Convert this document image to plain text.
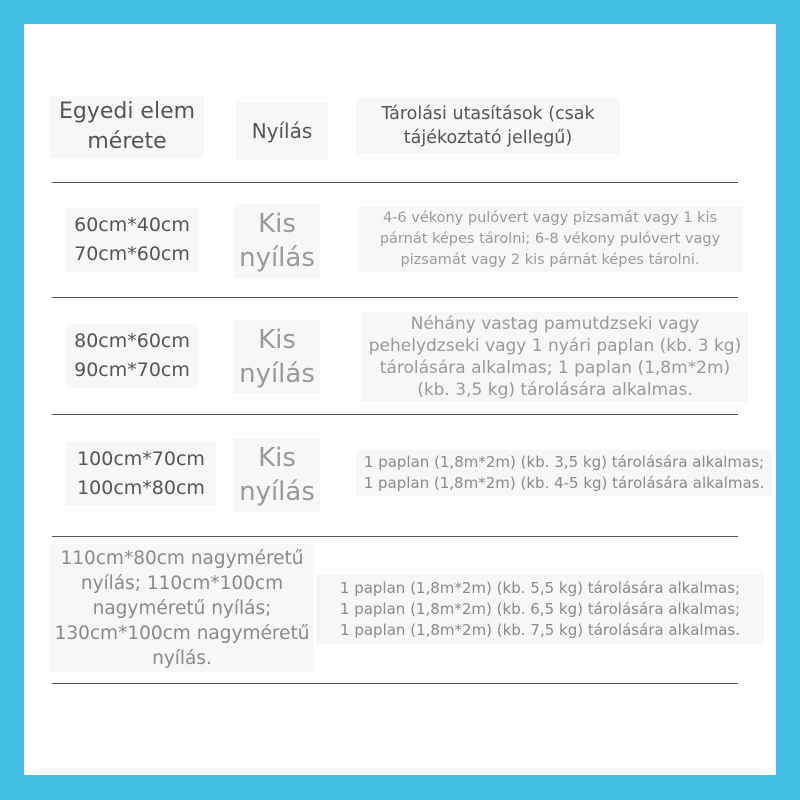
Egyedi elem mérete	Nyílás
Tárolási utasítások (csak tájékoztató jellegű)
60cm*40cm
70cm*60cm
Kis nyílás
4-6 vékony pulóvert vagy pizsamát vagy 1 kis párnát képes tárolni; 6-8 vékony pulóvert vagy pizsamát vagy 2 kis párnát képes tárolni.
80cm*60cm
90cm*70cm
Kis nyílás
Néhány vastag pamutdzseki vagy pehelydzseki vagy 1 nyári paplan (kb. 3 kg) tárolására alkalmas; 1 paplan (1,8m*2m) (kb. 3,5 kg) tárolására alkalmas.
100cm*70cm
100cm*80cm
Kis nyílás
1 paplan (1,8m*2m) (kb. 3,5 kg) tárolására alkalmas;
1 paplan (1,8m*2m) (kb. 4-5 kg) tárolására alkalmas.
110cm*80cm nagyméretű nyílás; 110cm*100cm nagyméretű nyílás; 130cm*100cm nagyméretű nyílás.
1 paplan (1,8m*2m) (kb. 5,5 kg) tárolására alkalmas;
1 paplan (1,8m*2m) (kb. 6,5 kg) tárolására alkalmas;
1 paplan (1,8m*2m) (kb. 7,5 kg) tárolására alkalmas.
